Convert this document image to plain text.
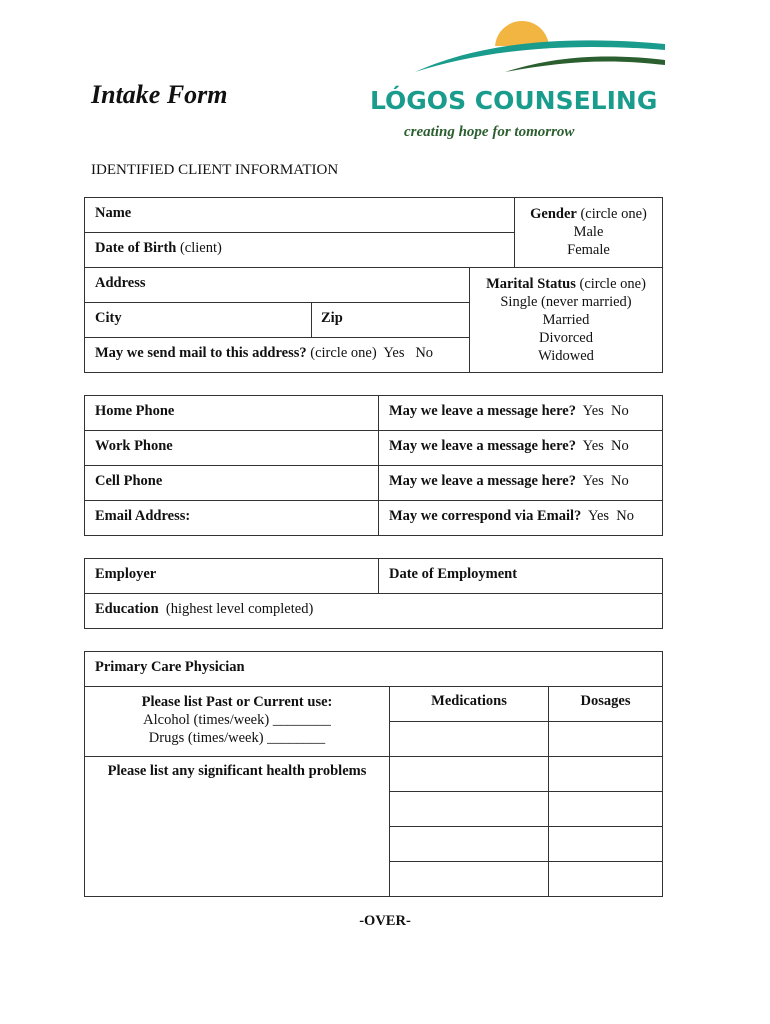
Intake Form	LÓGOS COUNSELING
creating hope for tomorrow
IDENTIFIED CLIENT INFORMATION
Name
Date of Birth (client)
Gender (circle one)
Male
Female
Address
City	Zip
May we send mail to this address? (circle one)  Yes   No
Marital Status (circle one)
Single (never married)
Married
Divorced
Widowed
Home Phone	May we leave a message here?  Yes  No
Work Phone	May we leave a message here?  Yes  No
Cell Phone	May we leave a message here?  Yes  No
Email Address:	May we correspond via Email?  Yes  No
Employer	Date of Employment
Education  (highest level completed)
Primary Care Physician
Please list Past or Current use:
Alcohol (times/week) ________
Drugs (times/week) ________
Medications	Dosages
Please list any significant health problems
-OVER-
